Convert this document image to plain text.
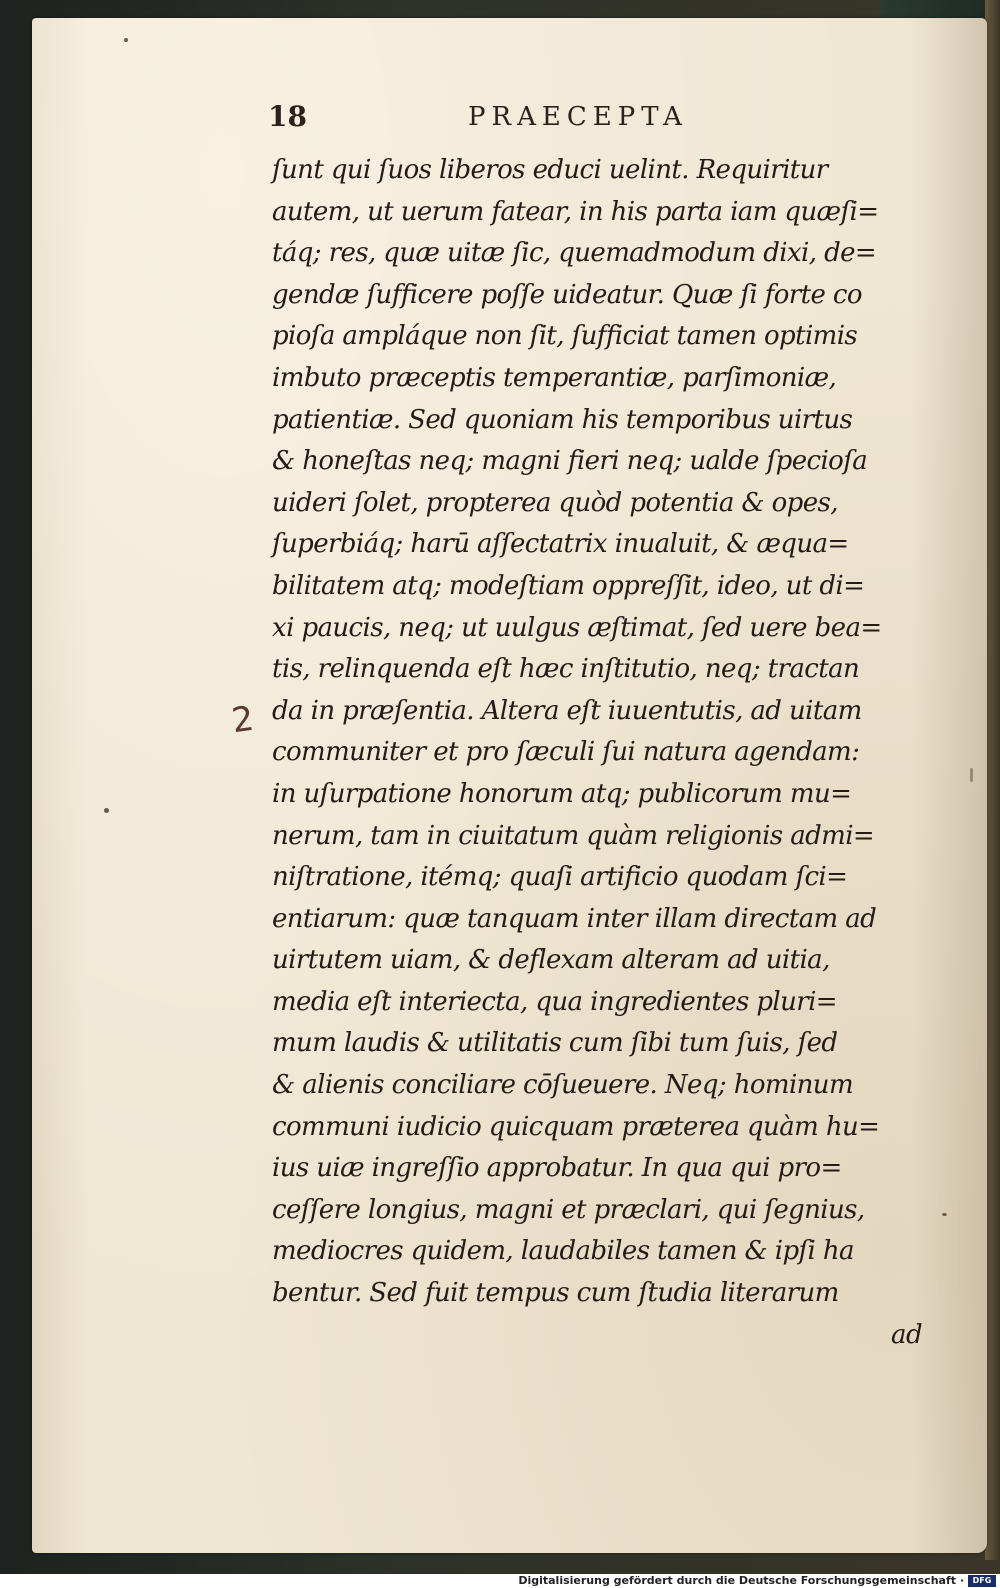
18	PRAECEPTA
2
ſunt qui ſuos liberos educi uelint. Requiritur
autem, ut uerum fatear, in his parta iam quæſi=
táq; res, quæ uitæ ſic, quemadmodum dixi, de=
gendæ ſufficere poſſe uideatur. Quæ ſi forte co
pioſa ampláque non ſit, ſufficiat tamen optimis
imbuto præceptis temperantiæ, parſimoniæ,
patientiæ. Sed quoniam his temporibus uirtus
& honeſtas neq; magni fieri neq; ualde ſpecioſa
uideri ſolet, propterea quòd potentia & opes,
ſuperbiáq; harū aſſectatrix inualuit, & æqua=
bilitatem atq; modeſtiam oppreſſit, ideo, ut di=
xi paucis, neq; ut uulgus æſtimat, ſed uere bea=
tis, relinquenda eſt hæc inſtitutio, neq; tractan
da in præſentia. Altera eſt iuuentutis, ad uitam
communiter et pro ſæculi ſui natura agendam:
in uſurpatione honorum atq; publicorum mu=
nerum, tam in ciuitatum quàm religionis admi=
niſtratione, itémq; quaſi artificio quodam ſci=
entiarum: quæ tanquam inter illam directam ad
uirtutem uiam, & deflexam alteram ad uitia,
media eſt interiecta, qua ingredientes pluri=
mum laudis & utilitatis cum ſibi tum ſuis, ſed
& alienis conciliare cōſueuere. Neq; hominum
communi iudicio quicquam præterea quàm hu=
ius uiæ ingreſſio approbatur. In qua qui pro=
ceſſere longius, magni et præclari, qui ſegnius,
mediocres quidem, laudabiles tamen & ipſi ha
bentur. Sed fuit tempus cum ſtudia literarum
ad
Digitalisierung gefördert durch die Deutsche Forschungsgemeinschaft ·	DFG
